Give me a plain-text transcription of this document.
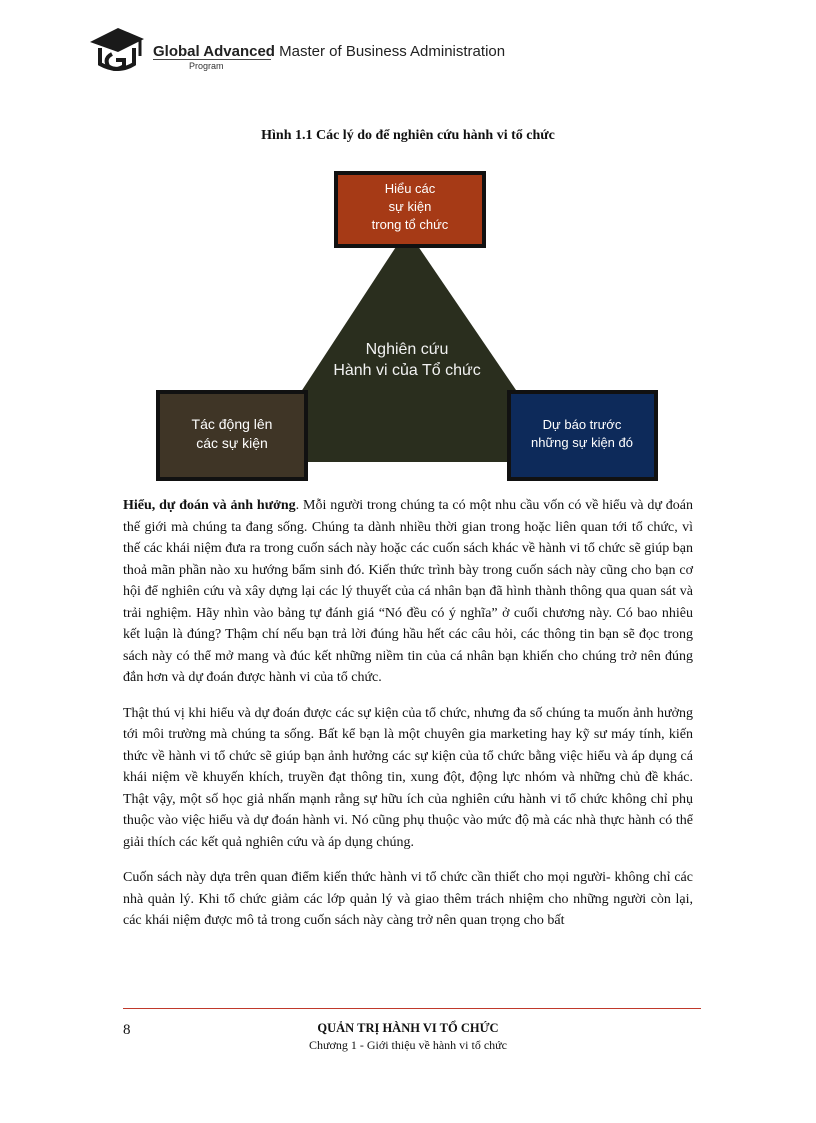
Global Advanced Master of Business Administration
Program
Hình 1.1 Các lý do để nghiên cứu hành vi tổ chức
Nghiên cứu
Hành vi của Tổ chức
Hiểu các
sự kiện
trong tổ chức
Tác động lên
các sự kiện
Dự báo trước
những sự kiện đó

Hiểu, dự đoán và ảnh hưởng. Mỗi người trong chúng ta có một nhu cầu vốn có về hiểu và dự đoán thế giới mà chúng ta đang sống. Chúng ta dành nhiều thời gian trong hoặc liên quan tới tổ chức, vì thế các khái niệm đưa ra trong cuốn sách này hoặc các cuốn sách khác về hành vi tổ chức sẽ giúp bạn thoả mãn phần nào xu hướng bẩm sinh đó. Kiến thức trình bày trong cuốn sách này cũng cho bạn cơ hội để nghiên cứu và xây dựng lại các lý thuyết của cá nhân bạn đã hình thành thông qua quan sát và trải nghiệm. Hãy nhìn vào bảng tự đánh giá “Nó đều có ý nghĩa” ở cuối chương này. Có bao nhiêu kết luận là đúng? Thậm chí nếu bạn trả lời đúng hầu hết các câu hỏi, các thông tin bạn sẽ đọc trong sách này có thể mở mang và đúc kết những niềm tin của cá nhân bạn khiến cho chúng trở nên đúng đắn hơn và dự đoán được hành vi của tổ chức.

Thật thú vị khi hiểu và dự đoán được các sự kiện của tổ chức, nhưng đa số chúng ta muốn ảnh hưởng tới môi trường mà chúng ta sống. Bất kể bạn là một chuyên gia marketing hay kỹ sư máy tính, kiến thức về hành vi tổ chức sẽ giúp bạn ảnh hưởng các sự kiện của tổ chức bằng việc hiểu và áp dụng cá khái niệm về khuyến khích, truyền đạt thông tin, xung đột, động lực nhóm và những chủ đề khác. Thật vậy, một số học giả nhấn mạnh rằng sự hữu ích của nghiên cứu hành vi tổ chức không chỉ phụ thuộc vào việc hiểu và dự đoán hành vi. Nó cũng phụ thuộc vào mức độ mà các nhà thực hành có thể giải thích các kết quả nghiên cứu và áp dụng chúng.

Cuốn sách này dựa trên quan điểm kiến thức hành vi tổ chức cần thiết cho mọi người- không chỉ các nhà quản lý. Khi tổ chức giảm các lớp quản lý và giao thêm trách nhiệm cho những người còn lại, các khái niệm được mô tả trong cuốn sách này càng trở nên quan trọng cho bất

8	QUẢN TRỊ HÀNH VI TỔ CHỨC
Chương 1 - Giới thiệu về hành vi tổ chức
